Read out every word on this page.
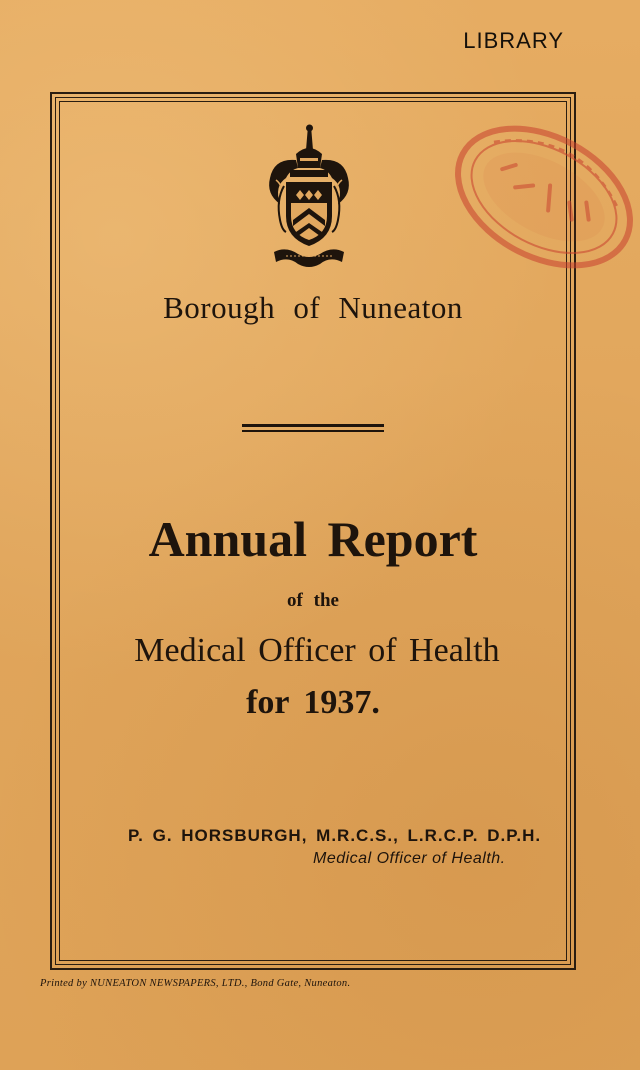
LIBRARY
Borough of Nuneaton
Annual Report
of the
Medical Officer of Health
for 1937.
P. G. HORSBURGH, M.R.C.S., L.R.C.P. D.P.H.
Medical Officer of Health.
Printed by NUNEATON NEWSPAPERS, LTD., Bond Gate, Nuneaton.
